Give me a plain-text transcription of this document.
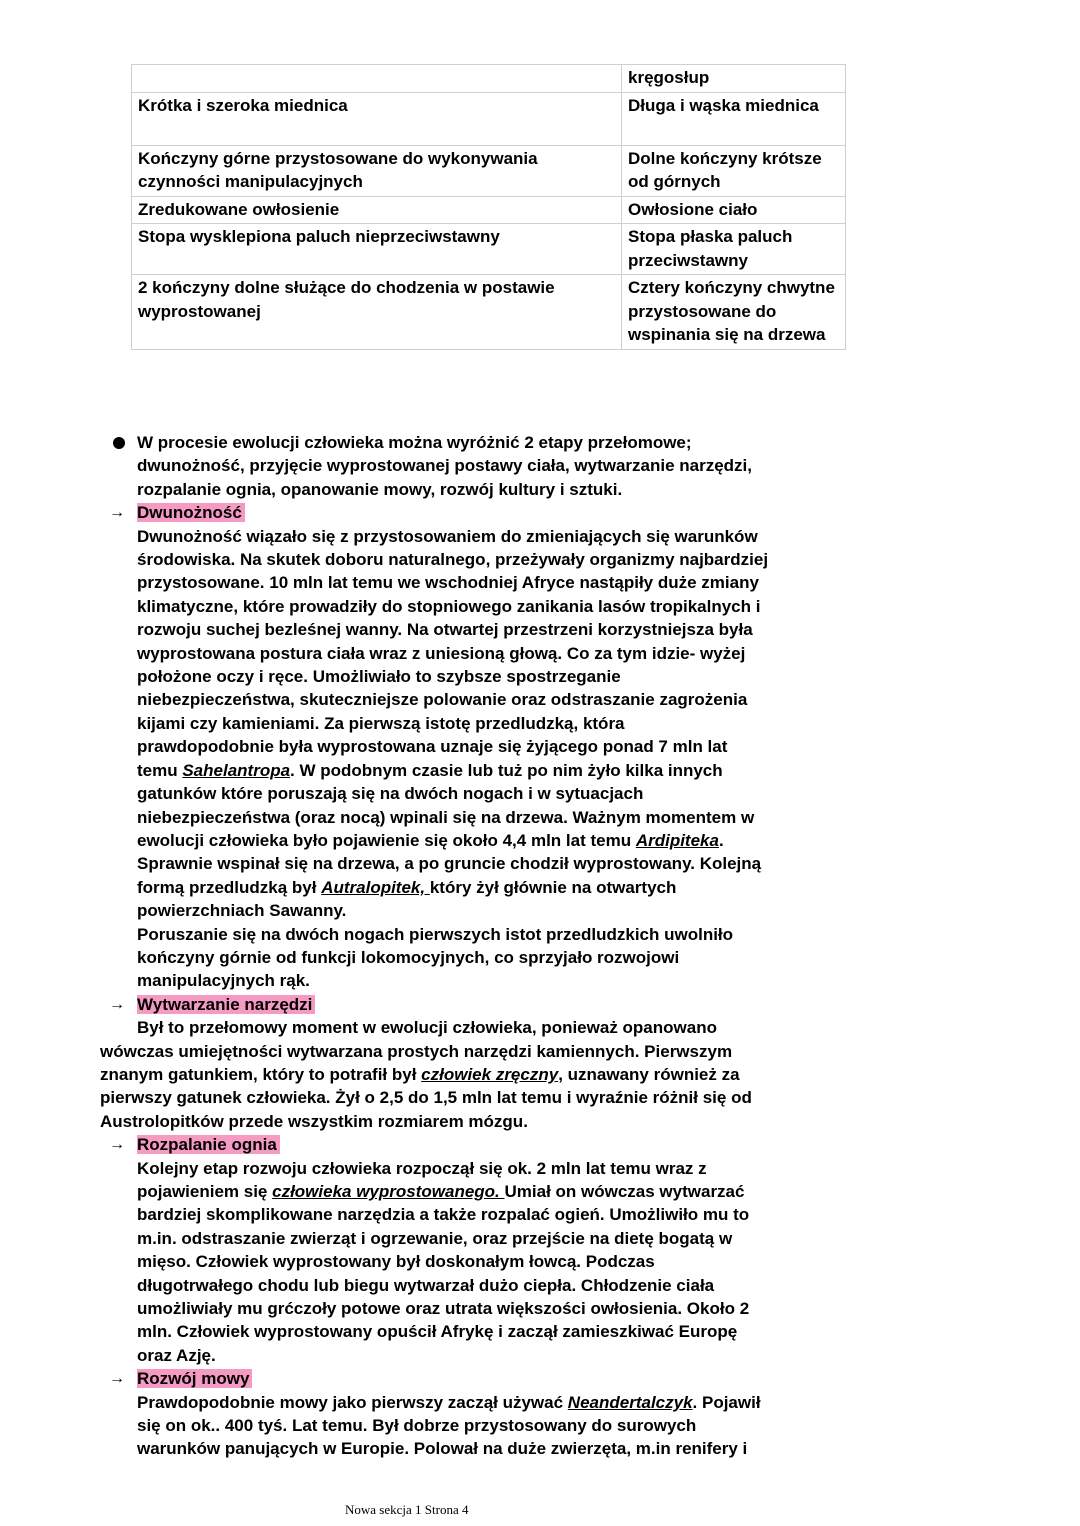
	kręgosłup
Krótka i szeroka miednica	Długa i wąska miednica
Kończyny górne przystosowane do wykonywania czynności manipulacyjnych	Dolne kończyny krótsze od górnych
Zredukowane owłosienie	Owłosione ciało
Stopa wysklepiona paluch nieprzeciwstawny	Stopa płaska paluch przeciwstawny
2 kończyny dolne służące do chodzenia w postawie wyprostowanej	Cztery kończyny chwytne przystosowane do wspinania się na drzewa
W procesie ewolucji człowieka można wyróżnić 2 etapy przełomowe;
dwunożność, przyjęcie wyprostowanej postawy ciała, wytwarzanie narzędzi,
rozpalanie ognia, opanowanie mowy, rozwój kultury i sztuki.
→ Dwunożność
Dwunożność wiązało się z przystosowaniem do zmieniających się warunków
środowiska. Na skutek doboru naturalnego, przeżywały organizmy najbardziej
przystosowane. 10 mln lat temu we wschodniej Afryce nastąpiły duże zmiany
klimatyczne, które prowadziły do stopniowego zanikania lasów tropikalnych i
rozwoju suchej bezleśnej wanny. Na otwartej przestrzeni korzystniejsza była
wyprostowana postura ciała wraz z uniesioną głową. Co za tym idzie- wyżej
położone oczy i ręce. Umożliwiało to szybsze spostrzeganie
niebezpieczeństwa, skuteczniejsze polowanie oraz odstraszanie zagrożenia
kijami czy kamieniami. Za pierwszą istotę przedludzką, która
prawdopodobnie była wyprostowana uznaje się żyjącego ponad 7 mln lat
temu Sahelantropa. W podobnym czasie lub tuż po nim żyło kilka innych
gatunków które poruszają się na dwóch nogach i w sytuacjach
niebezpieczeństwa (oraz nocą) wpinali się na drzewa. Ważnym momentem w
ewolucji człowieka było pojawienie się około 4,4 mln lat temu Ardipiteka.
Sprawnie wspinał się na drzewa, a po gruncie chodził wyprostowany. Kolejną
formą przedludzką był Autralopitek, który żył głównie na otwartych
powierzchniach Sawanny.
Poruszanie się na dwóch nogach pierwszych istot przedludzkich uwolniło
kończyny górnie od funkcji lokomocyjnych, co sprzyjało rozwojowi
manipulacyjnych rąk.
→ Wytwarzanie narzędzi
Był to przełomowy moment w ewolucji człowieka, ponieważ opanowano
wówczas umiejętności wytwarzana prostych narzędzi kamiennych. Pierwszym
znanym gatunkiem, który to potrafił był człowiek zręczny, uznawany również za
pierwszy gatunek człowieka. Żył o 2,5 do 1,5 mln lat temu i wyraźnie różnił się od
Austrolopitków przede wszystkim rozmiarem mózgu.
→ Rozpalanie ognia
Kolejny etap rozwoju człowieka rozpoczął się ok. 2 mln lat temu wraz z
pojawieniem się człowieka wyprostowanego. Umiał on wówczas wytwarzać
bardziej skomplikowane narzędzia a także rozpalać ogień. Umożliwiło mu to
m.in. odstraszanie zwierząt i ogrzewanie, oraz przejście na dietę bogatą w
mięso. Człowiek wyprostowany był doskonałym łowcą. Podczas
długotrwałego chodu lub biegu wytwarzał dużo ciepła. Chłodzenie ciała
umożliwiały mu grćczoły potowe oraz utrata większości owłosienia. Około 2
mln. Człowiek wyprostowany opuścił Afrykę i zaczął zamieszkiwać Europę
oraz Azję.
→ Rozwój mowy
Prawdopodobnie mowy jako pierwszy zaczął używać Neandertalczyk. Pojawił
się on ok.. 400 tyś. Lat temu. Był dobrze przystosowany do surowych
warunków panujących w Europie. Polował na duże zwierzęta, m.in renifery i
Nowa sekcja 1 Strona 4
